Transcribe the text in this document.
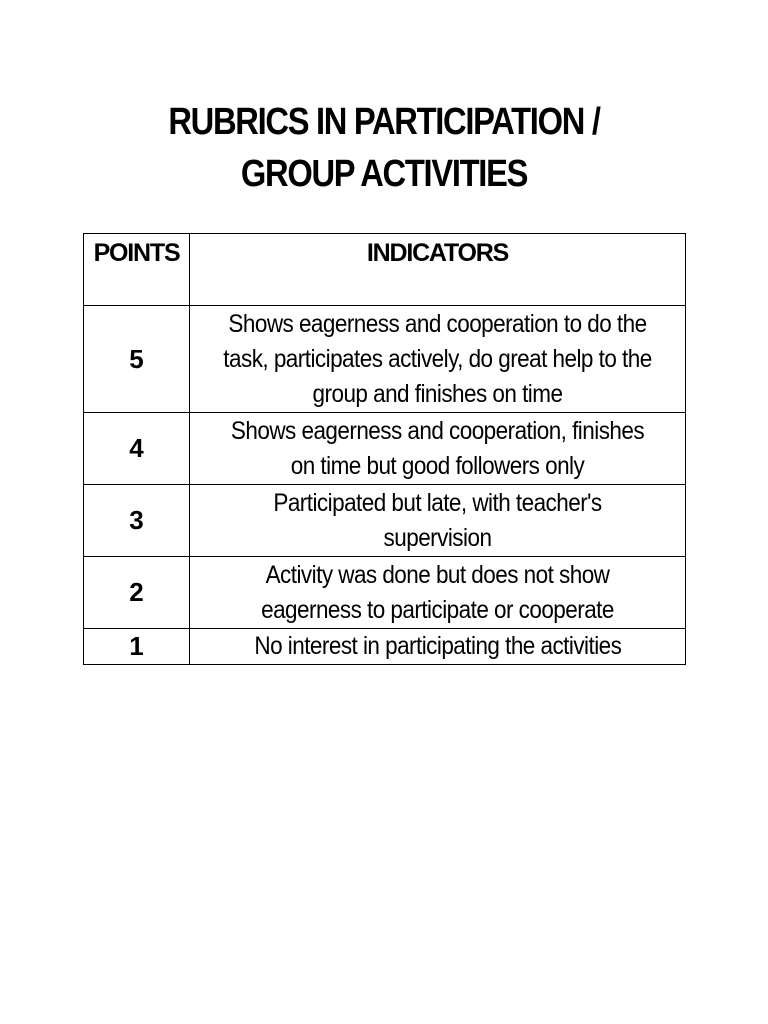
RUBRICS IN PARTICIPATION /
GROUP ACTIVITIES
POINTS	INDICATORS
5	Shows eagerness and cooperation to do the task, participates actively, do great help to the group and finishes on time
4	Shows eagerness and cooperation, finishes on time but good followers only
3	Participated but late, with teacher's supervision
2	Activity was done but does not show eagerness to participate or cooperate
1	No interest in participating the activities
